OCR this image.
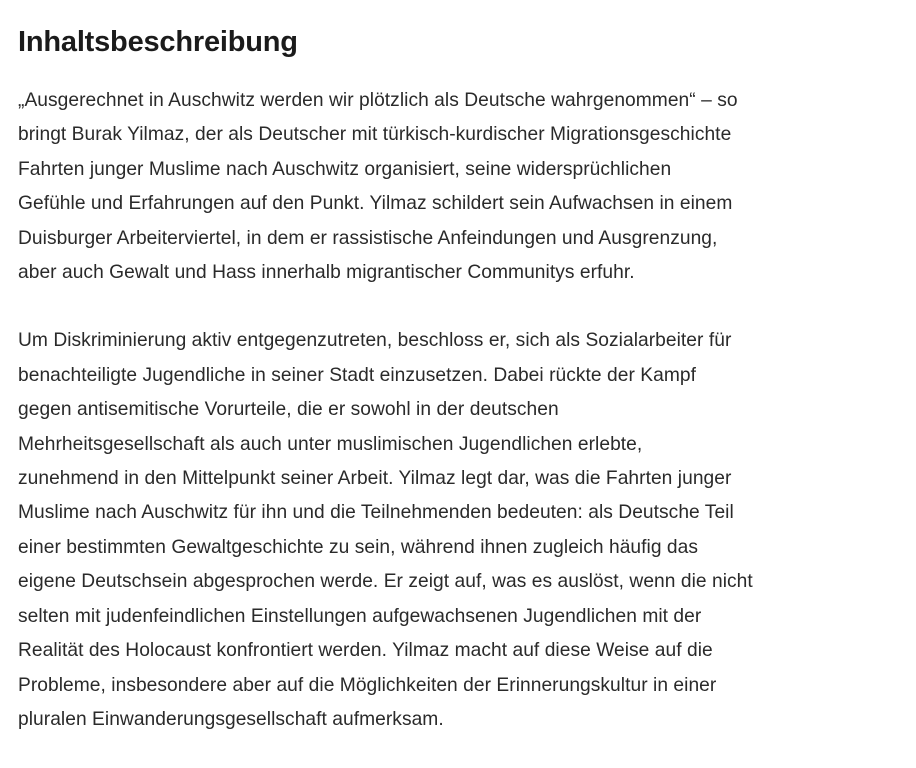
Inhaltsbeschreibung

„Ausgerechnet in Auschwitz werden wir plötzlich als Deutsche wahrgenommen“ – so
bringt Burak Yilmaz, der als Deutscher mit türkisch-kurdischer Migrationsgeschichte
Fahrten junger Muslime nach Auschwitz organisiert, seine widersprüchlichen
Gefühle und Erfahrungen auf den Punkt. Yilmaz schildert sein Aufwachsen in einem
Duisburger Arbeiterviertel, in dem er rassistische Anfeindungen und Ausgrenzung,
aber auch Gewalt und Hass innerhalb migrantischer Communitys erfuhr.

Um Diskriminierung aktiv entgegenzutreten, beschloss er, sich als Sozialarbeiter für
benachteiligte Jugendliche in seiner Stadt einzusetzen. Dabei rückte der Kampf
gegen antisemitische Vorurteile, die er sowohl in der deutschen
Mehrheitsgesellschaft als auch unter muslimischen Jugendlichen erlebte,
zunehmend in den Mittelpunkt seiner Arbeit. Yilmaz legt dar, was die Fahrten junger
Muslime nach Auschwitz für ihn und die Teilnehmenden bedeuten: als Deutsche Teil
einer bestimmten Gewaltgeschichte zu sein, während ihnen zugleich häufig das
eigene Deutschsein abgesprochen werde. Er zeigt auf, was es auslöst, wenn die nicht
selten mit judenfeindlichen Einstellungen aufgewachsenen Jugendlichen mit der
Realität des Holocaust konfrontiert werden. Yilmaz macht auf diese Weise auf die
Probleme, insbesondere aber auf die Möglichkeiten der Erinnerungskultur in einer
pluralen Einwanderungsgesellschaft aufmerksam.
